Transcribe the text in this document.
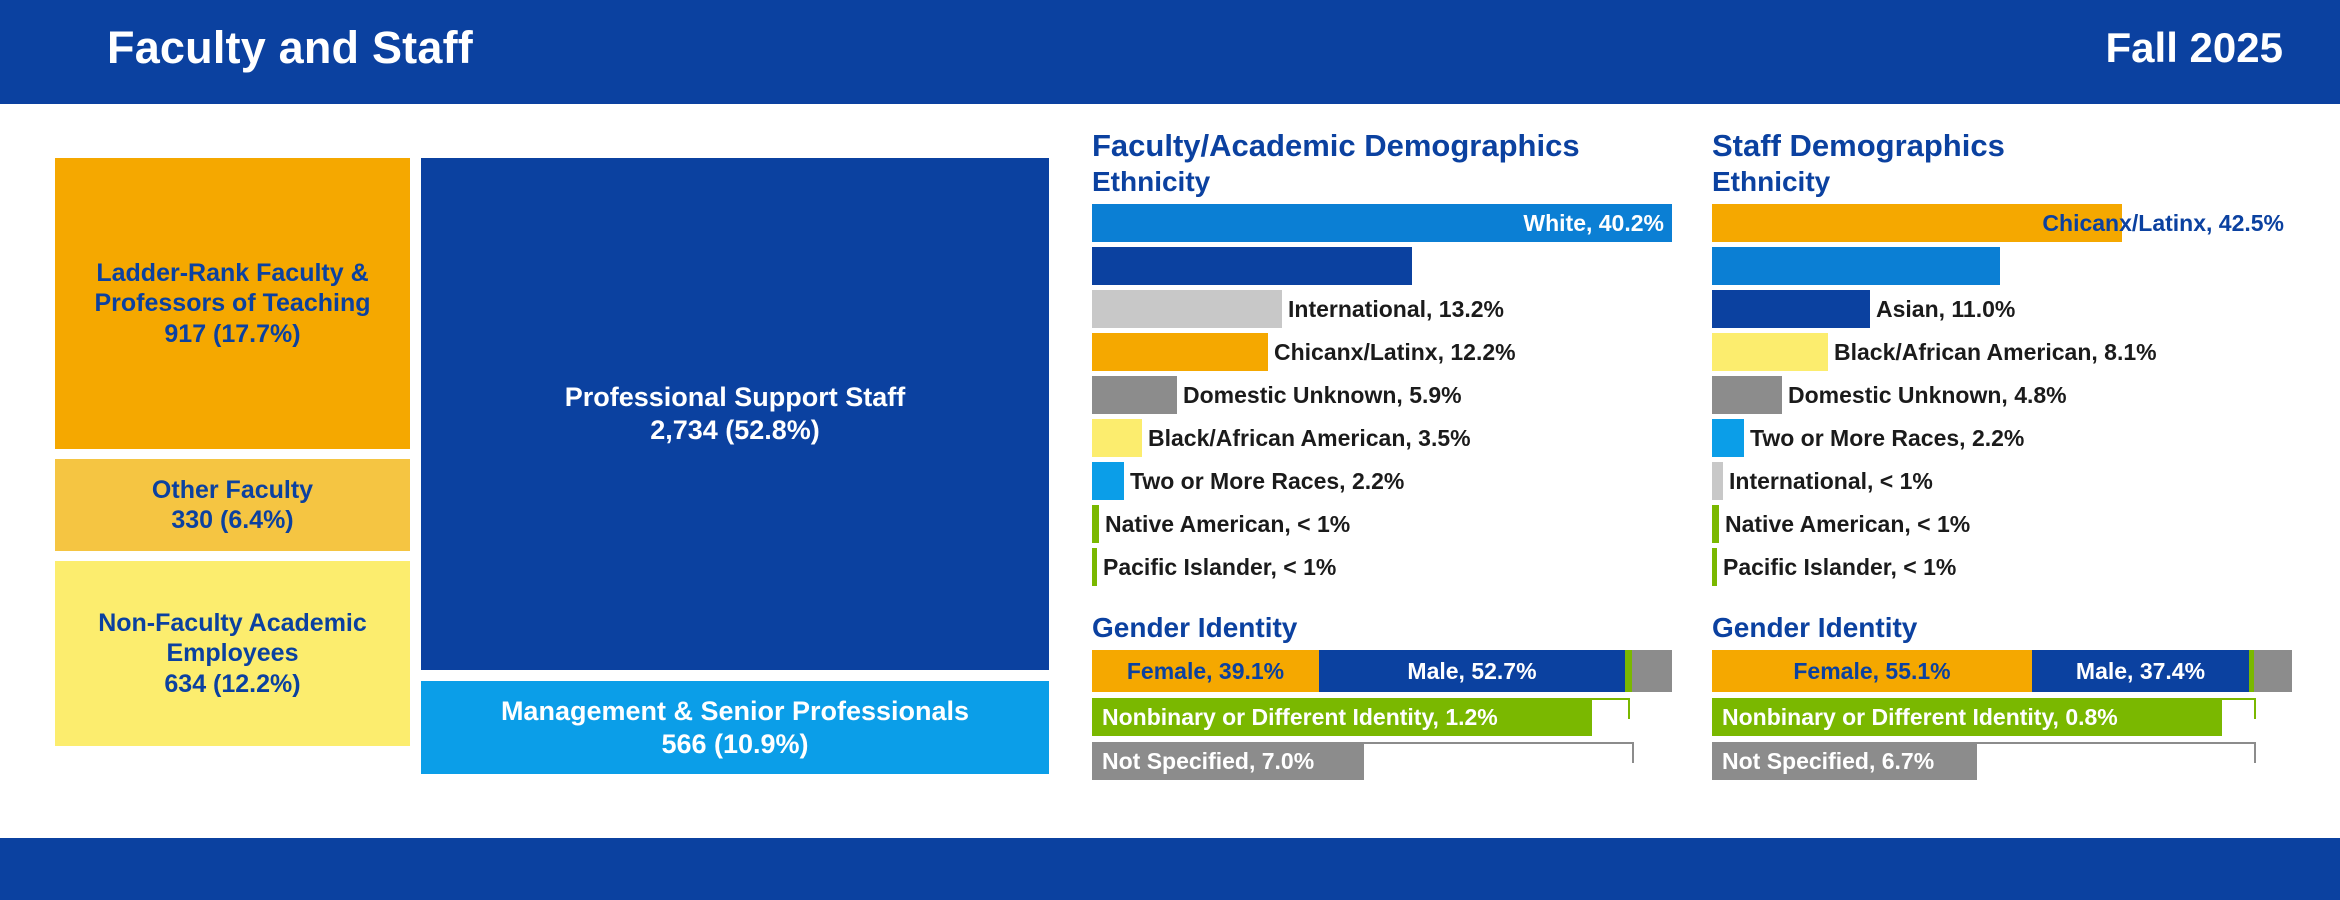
Faculty and Staff	Fall 2025
Ladder-Rank Faculty & Professors of Teaching
917 (17.7%)
Other Faculty
330 (6.4%)
Non-Faculty Academic Employees
634 (12.2%)
Professional Support Staff
2,734 (52.8%)
Management & Senior Professionals
566 (10.9%)
Faculty/Academic Demographics
Ethnicity
White, 40.2%
Asian, 22.2%
International, 13.2%
Chicanx/Latinx, 12.2%
Domestic Unknown, 5.9%
Black/African American, 3.5%
Two or More Races, 2.2%
Native American, < 1%
Pacific Islander, < 1%
Gender Identity
Female, 39.1%	Male, 52.7%
Nonbinary or Different Identity, 1.2%
Not Specified, 7.0%
Staff Demographics
Ethnicity
Chicanx/Latinx, 42.5%
White, 29.9%
Asian, 11.0%
Black/African American, 8.1%
Domestic Unknown, 4.8%
Two or More Races, 2.2%
International, < 1%
Native American, < 1%
Pacific Islander, < 1%
Gender Identity
Female, 55.1%	Male, 37.4%
Nonbinary or Different Identity, 0.8%
Not Specified, 6.7%
